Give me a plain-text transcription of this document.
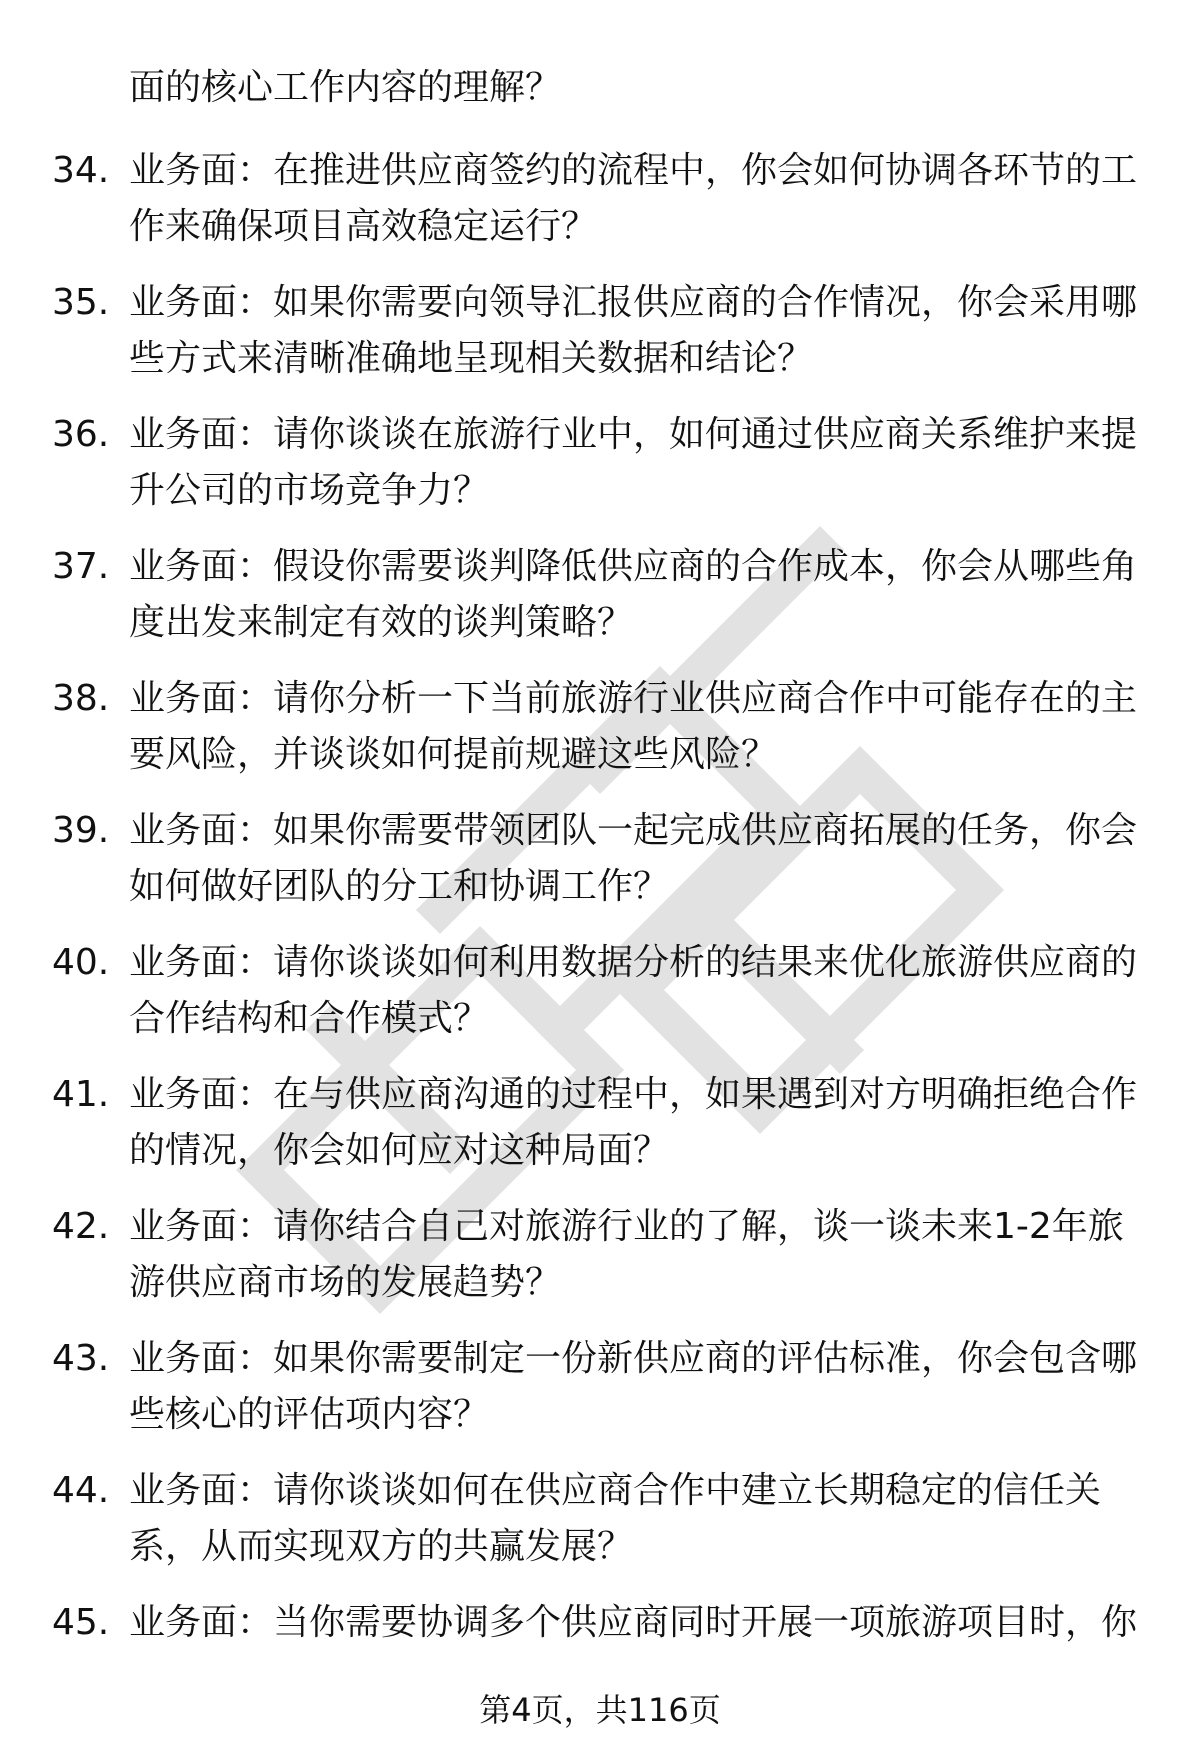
面的核心工作内容的理解？

34. 业务面：在推进供应商签约的流程中，你会如何协调各环节的工
作来确保项目高效稳定运行？
35. 业务面：如果你需要向领导汇报供应商的合作情况，你会采用哪
些方式来清晰准确地呈现相关数据和结论？
36. 业务面：请你谈谈在旅游行业中，如何通过供应商关系维护来提
升公司的市场竞争力？
37. 业务面：假设你需要谈判降低供应商的合作成本，你会从哪些角
度出发来制定有效的谈判策略？
38. 业务面：请你分析一下当前旅游行业供应商合作中可能存在的主
要风险，并谈谈如何提前规避这些风险？
39. 业务面：如果你需要带领团队一起完成供应商拓展的任务，你会
如何做好团队的分工和协调工作？
40. 业务面：请你谈谈如何利用数据分析的结果来优化旅游供应商的
合作结构和合作模式？
41. 业务面：在与供应商沟通的过程中，如果遇到对方明确拒绝合作
的情况，你会如何应对这种局面？
42. 业务面：请你结合自己对旅游行业的了解，谈一谈未来1-2年旅
游供应商市场的发展趋势？
43. 业务面：如果你需要制定一份新供应商的评估标准，你会包含哪
些核心的评估项内容？
44. 业务面：请你谈谈如何在供应商合作中建立长期稳定的信任关
系，从而实现双方的共赢发展？
45. 业务面：当你需要协调多个供应商同时开展一项旅游项目时，你
第4页，共116页
